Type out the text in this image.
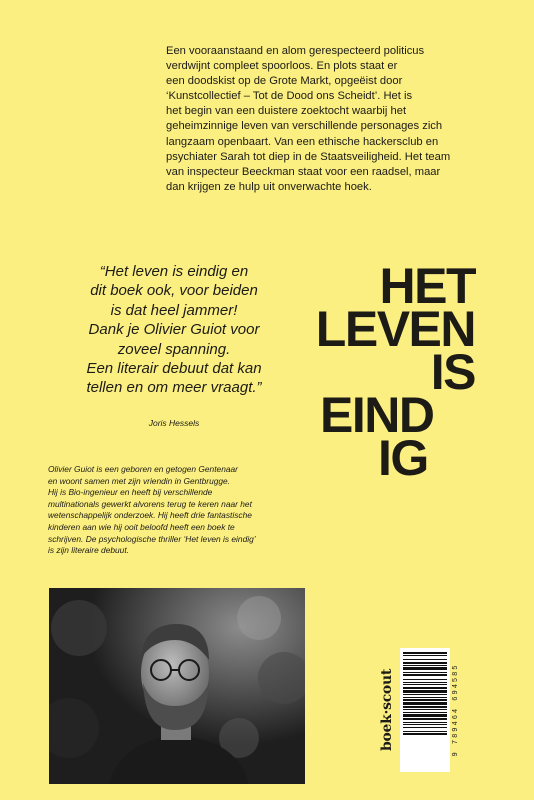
Een vooraanstaand en alom gerespecteerd politicus
verdwijnt compleet spoorloos. En plots staat er
een doodskist op de Grote Markt, opgeëist door
‘Kunstcollectief – Tot de Dood ons Scheidt’. Het is
het begin van een duistere zoektocht waarbij het
geheimzinnige leven van verschillende personages zich
langzaam openbaart. Van een ethische hackersclub en
psychiater Sarah tot diep in de Staatsveiligheid. Het team
van inspecteur Beeckman staat voor een raadsel, maar
dan krijgen ze hulp uit onverwachte hoek.
“Het leven is eindig en
dit boek ook, voor beiden
is dat heel jammer!
Dank je Olivier Guiot voor
zoveel spanning.
Een literair debuut dat kan
tellen en om meer vraagt.”
Joris Hessels
HET
LEVEN
IS
EIND
IG
Olivier Guiot is een geboren en getogen Gentenaar
en woont samen met zijn vriendin in Gentbrugge.
Hij is Bio-ingenieur en heeft bij verschillende
multinationals gewerkt alvorens terug te keren naar het
wetenschappelijk onderzoek. Hij heeft drie fantastische
kinderen aan wie hij ooit beloofd heeft een boek te
schrijven. De psychologische thriller ‘Het leven is eindig’
is zijn literaire debuut.
boek·scout	9 789464 694585
